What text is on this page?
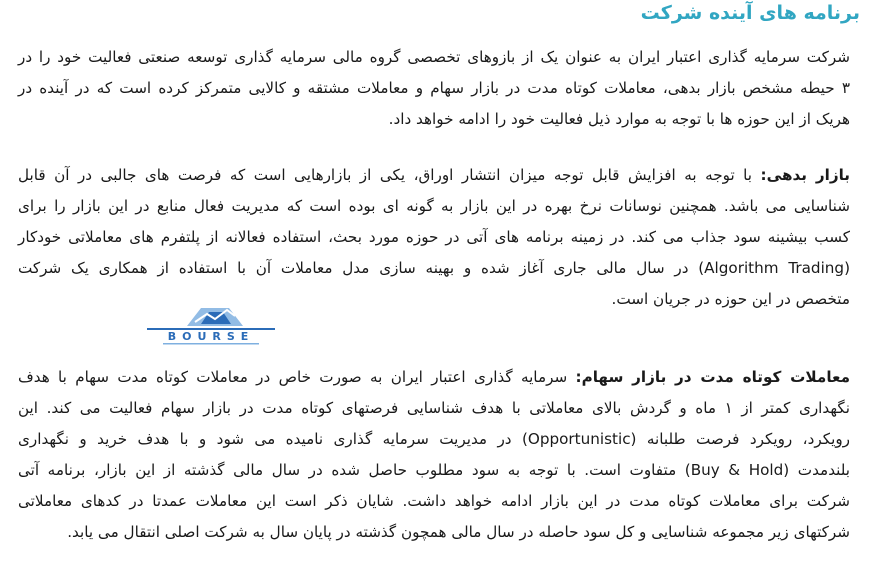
برنامه های آینده شرکت
شرکت سرمایه گذاری اعتبار ایران به عنوان یک از بازوهای تخصصی گروه مالی سرمایه گذاری توسعه صنعتی فعالیت خود را در
۳ حیطه مشخص بازار بدهی، معاملات کوتاه مدت در بازار سهام و معاملات مشتقه و کالایی متمرکز کرده است که در آینده در
هریک از این حوزه ها با توجه به موارد ذیل فعالیت خود را ادامه خواهد داد.
بازار بدهی: با توجه به افزایش قابل توجه میزان انتشار اوراق، یکی از بازارهایی است که فرصت های جالبی در آن قابل
شناسایی می باشد. همچنین نوسانات نرخ بهره در این بازار به گونه ای بوده است که مدیریت فعال منابع در این بازار را برای
کسب بیشینه سود جذاب می کند. در زمینه برنامه های آتی در حوزه مورد بحث، استفاده فعالانه از پلتفرم های معاملاتی خودکار
(Algorithm Trading) در سال مالی جاری آغاز شده و بهینه سازی مدل معاملات آن با استفاده از همکاری یک شرکت
متخصص در این حوزه در جریان است.
معاملات کوتاه مدت در بازار سهام: سرمایه گذاری اعتبار ایران به صورت خاص در معاملات کوتاه مدت سهام با هدف
نگهداری کمتر از ۱ ماه و گردش بالای معاملاتی با هدف شناسایی فرصتهای کوتاه مدت در بازار سهام فعالیت می کند. این
رویکرد، رویکرد فرصت طلبانه (Opportunistic) در مدیریت سرمایه گذاری نامیده می شود و با هدف خرید و نگهداری
بلندمدت (Buy & Hold) متفاوت است. با توجه به سود مطلوب حاصل شده در سال مالی گذشته از این بازار، برنامه آتی
شرکت برای معاملات کوتاه مدت در این بازار ادامه خواهد داشت. شایان ذکر است این معاملات عمدتا در کدهای معاملاتی
شرکتهای زیر مجموعه شناسایی و کل سود حاصله در سال مالی همچون گذشته در پایان سال به شرکت اصلی انتقال می یابد.
BOURSE
